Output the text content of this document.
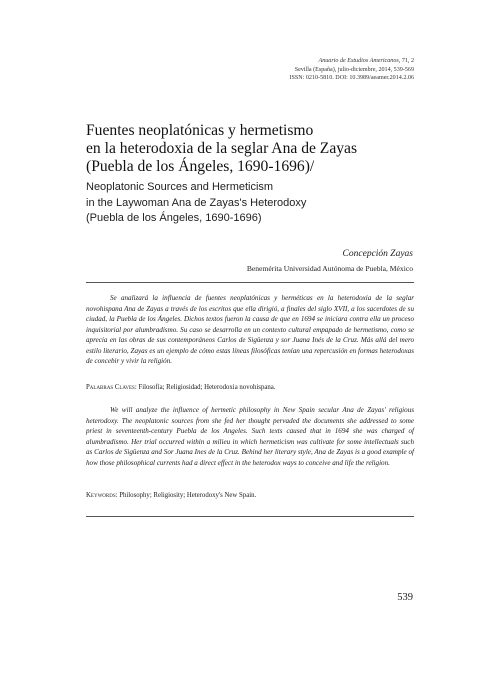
Anuario de Estudios Americanos, 71, 2
Sevilla (España), julio-diciembre, 2014, 539-569
ISSN: 0210-5810. DOI: 10.3989/aeamer.2014.2.06
Fuentes neoplatónicas y hermetismo
en la heterodoxia de la seglar Ana de Zayas
(Puebla de los Ángeles, 1690-1696)/
Neoplatonic Sources and Hermeticism
in the Laywoman Ana de Zayas's Heterodoxy
(Puebla de los Ángeles, 1690-1696)
Concepción Zayas
Benemérita Universidad Autónoma de Puebla, México

Se analizará la influencia de fuentes neoplatónicas y herméticas en la heterodoxia de la seglar novohispana Ana de Zayas a través de los escritos que ella dirigió, a finales del siglo XVII, a los sacerdotes de su ciudad, la Puebla de los Ángeles. Dichos textos fueron la causa de que en 1694 se iniciara contra ella un proceso inquisitorial por alumbradismo. Su caso se desarrolla en un contexto cultural empapado de hermetismo, como se aprecia en las obras de sus contemporáneos Carlos de Sigüenza y sor Juana Inés de la Cruz. Más allá del mero estilo literario, Zayas es un ejemplo de cómo estas líneas filosóficas tenían una repercusión en formas heterodoxas de concebir y vivir la religión.

Palabras Claves: Filosofía; Religiosidad; Heterodoxia novohispana.

We will analyze the influence of hermetic philosophy in New Spain secular Ana de Zayas' religious heterodoxy. The neoplatonic sources from she fed her thought pervaded the documents she addressed to some priest in seventeenth-century Puebla de los Angeles. Such texts caused that in 1694 she was charged of alumbradismo. Her trial occurred within a milieu in which hermeticism was cultivate for some intellectuals such as Carlos de Sigüenza and Sor Juana Ines de la Cruz. Behind her literary style, Ana de Zayas is a good example of how those philosophical currents had a direct effect in the heterodox ways to conceive and life the religion.

Keywords: Philosophy; Religiosity; Heterodoxy's New Spain.
539
